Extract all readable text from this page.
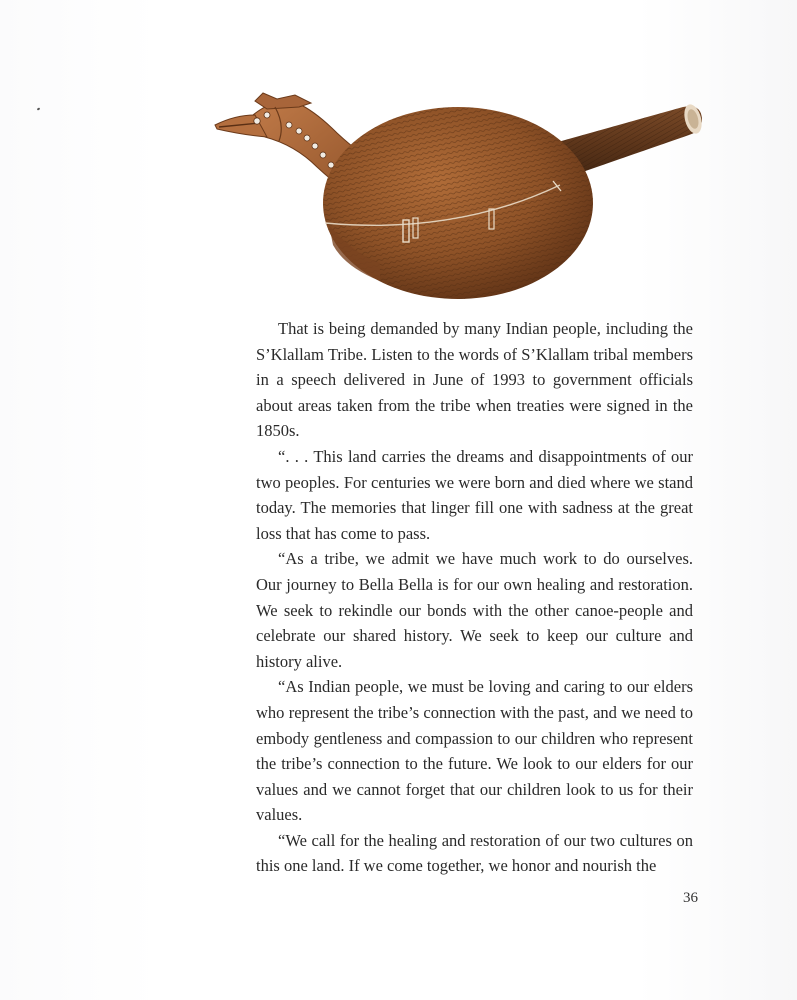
That is being demanded by many Indian people, including the S’Klallam Tribe. Listen to the words of S’Klallam tribal members in a speech delivered in June of 1993 to government officials about areas taken from the tribe when treaties were signed in the 1850s.

“. . . This land carries the dreams and disappointments of our two peoples. For centuries we were born and died where we stand today. The memories that linger fill one with sadness at the great loss that has come to pass.

“As a tribe, we admit we have much work to do ourselves. Our journey to Bella Bella is for our own healing and restoration. We seek to rekindle our bonds with the other canoe-people and celebrate our shared history. We seek to keep our culture and history alive.

“As Indian people, we must be loving and caring to our elders who represent the tribe’s connection with the past, and we need to embody gentleness and compassion to our children who represent the tribe’s connection to the future. We look to our elders for our values and we cannot forget that our children look to us for their values.

“We call for the healing and restoration of our two cultures on this one land. If we come together, we honor and nourish the

36
